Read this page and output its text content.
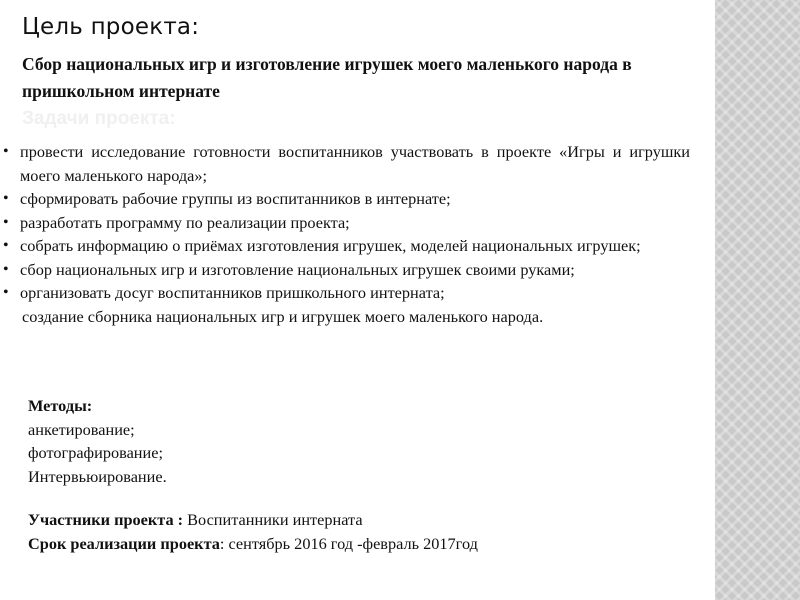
Цель проекта:

Сбор национальных игр и изготовление игрушек моего маленького народа в пришкольном интернате

Задачи проекта:
• провести исследование готовности воспитанников участвовать в проекте «Игры и игрушки моего маленького народа»;
• сформировать рабочие группы из воспитанников в интернате;
• разработать программу по реализации проекта;
• собрать информацию о приёмах изготовления игрушек, моделей национальных игрушек;
• сбор национальных игр и изготовление национальных игрушек своими руками;
• организовать досуг воспитанников пришкольного интерната;
создание сборника национальных игр и игрушек моего маленького народа.
Методы:
анкетирование;
фотографирование;
Интервьюирование.
Участники проекта : Воспитанники интерната
Срок реализации проекта: сентябрь 2016 год -февраль 2017год
